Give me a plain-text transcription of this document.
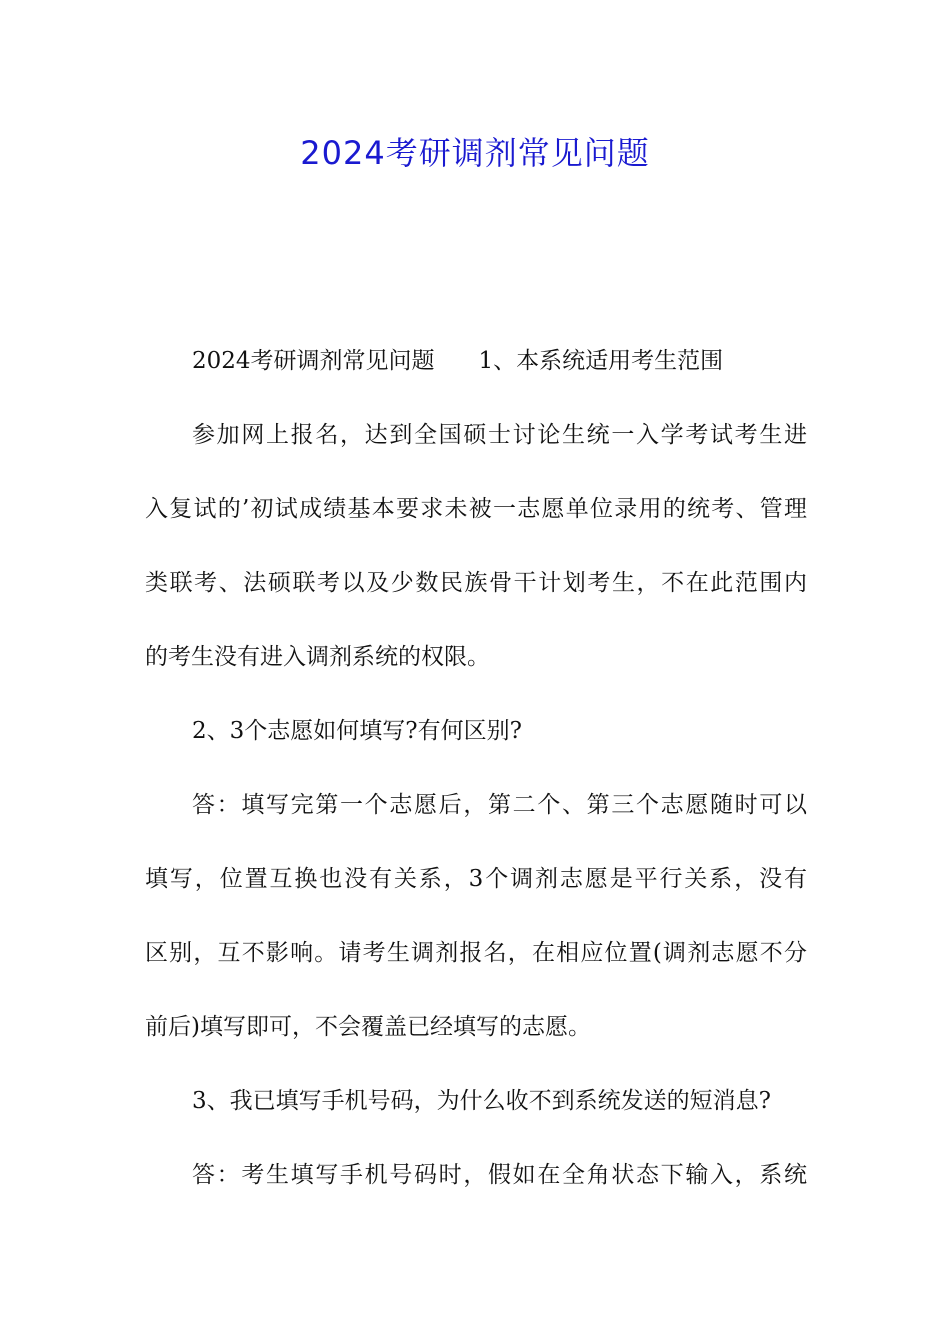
2024考研调剂常见问题
2024考研调剂常见问题 1、本系统适用考生范围
参加网上报名，达到全国硕士讨论生统一入学考试考生进
入复试的’初试成绩基本要求未被一志愿单位录用的统考、管理
类联考、法硕联考以及少数民族骨干计划考生，不在此范围内
的考生没有进入调剂系统的权限。
2、3个志愿如何填写?有何区别?
答：填写完第一个志愿后，第二个、第三个志愿随时可以
填写，位置互换也没有关系，3个调剂志愿是平行关系，没有
区别，互不影响。请考生调剂报名，在相应位置(调剂志愿不分
前后)填写即可，不会覆盖已经填写的志愿。
3、我已填写手机号码，为什么收不到系统发送的短消息?
答：考生填写手机号码时，假如在全角状态下输入，系统
